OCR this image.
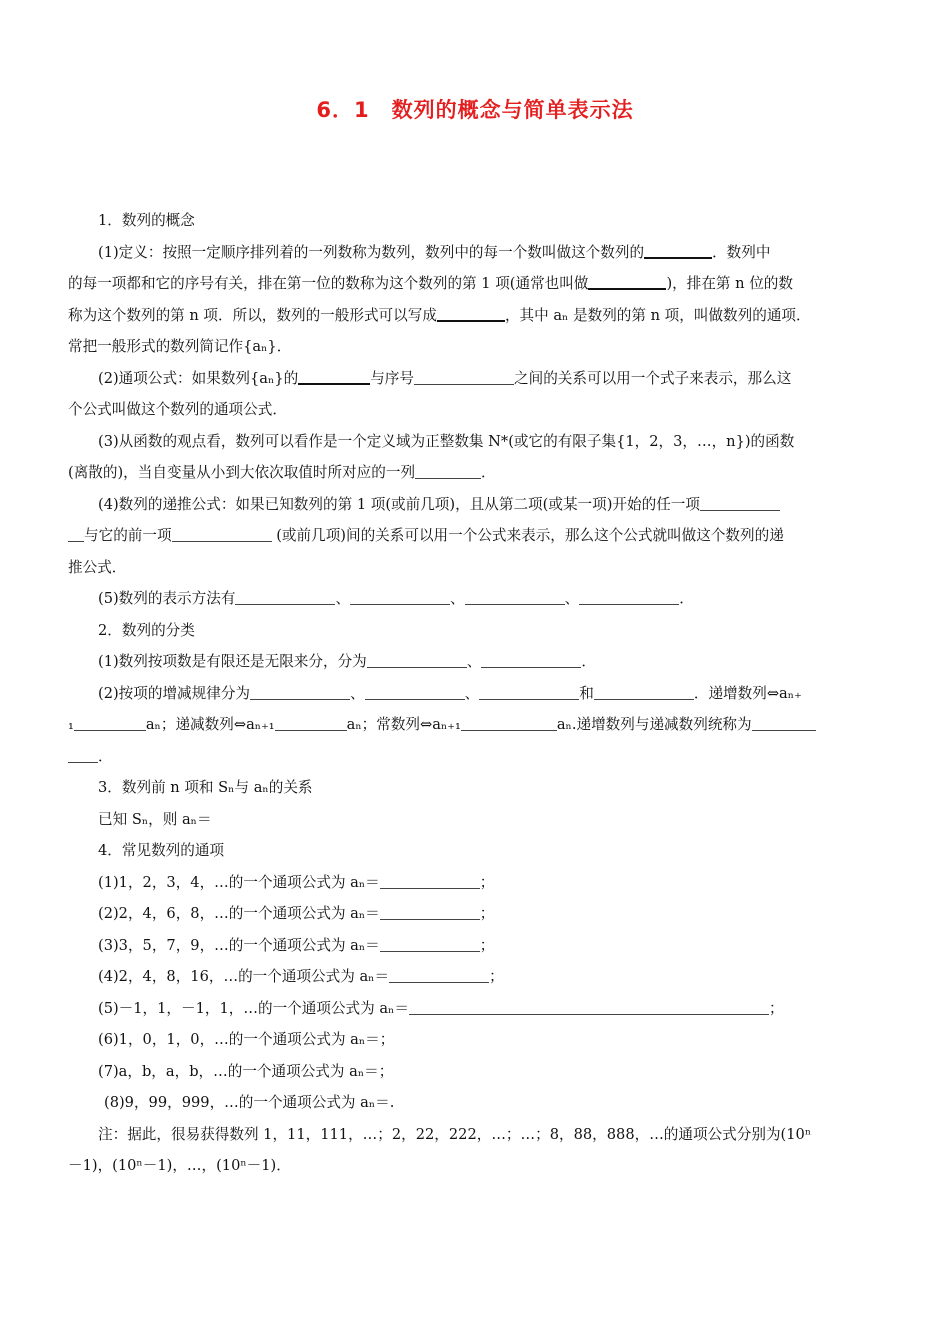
6．1　数列的概念与简单表示法
1．数列的概念
(1)定义：按照一定顺序排列着的一列数称为数列，数列中的每一个数叫做这个数列的	．数列中
的每一项都和它的序号有关，排在第一位的数称为这个数列的第 1 项(通常也叫做	)，排在第 n 位的数
称为这个数列的第 n 项．所以，数列的一般形式可以写成	，其中 aₙ 是数列的第 n 项，叫做数列的通项．
常把一般形式的数列简记作{aₙ}．
(2)通项公式：如果数列{aₙ}的	与序号	之间的关系可以用一个式子来表示，那么这
个公式叫做这个数列的通项公式．
(3)从函数的观点看，数列可以看作是一个定义域为正整数集 N*(或它的有限子集{1，2，3，…，n})的函数
(离散的)，当自变量从小到大依次取值时所对应的一列	．
(4)数列的递推公式：如果已知数列的第 1 项(或前几项)，且从第二项(或某一项)开始的任一项
与它的前一项	(或前几项)间的关系可以用一个公式来表示，那么这个公式就叫做这个数列的递
推公式．
(5)数列的表示方法有	、	、	、	．
2．数列的分类
(1)数列按项数是有限还是无限来分，分为	、	．
(2)按项的增减规律分为	、	、	和	．递增数列⇔aₙ₊
₁	aₙ；递减数列⇔aₙ₊₁	aₙ；常数列⇔aₙ₊₁	aₙ.递增数列与递减数列统称为
．
3．数列前 n 项和 Sₙ与 aₙ的关系
已知 Sₙ，则 aₙ＝
4．常见数列的通项
(1)1，2，3，4，…的一个通项公式为 aₙ＝	；
(2)2，4，6，8，…的一个通项公式为 aₙ＝	；
(3)3，5，7，9，…的一个通项公式为 aₙ＝	；
(4)2，4，8，16，…的一个通项公式为 aₙ＝	；
(5)－1，1，－1，1，…的一个通项公式为 aₙ＝	；
(6)1，0，1，0，…的一个通项公式为 aₙ＝；
(7)a，b，a，b，…的一个通项公式为 aₙ＝；
(8)9，99，999，…的一个通项公式为 aₙ＝.
注：据此，很易获得数列 1，11，111，…；2，22，222，…；…；8，88，888，…的通项公式分别为(10ⁿ
－1)，(10ⁿ－1)，…，(10ⁿ－1)．
